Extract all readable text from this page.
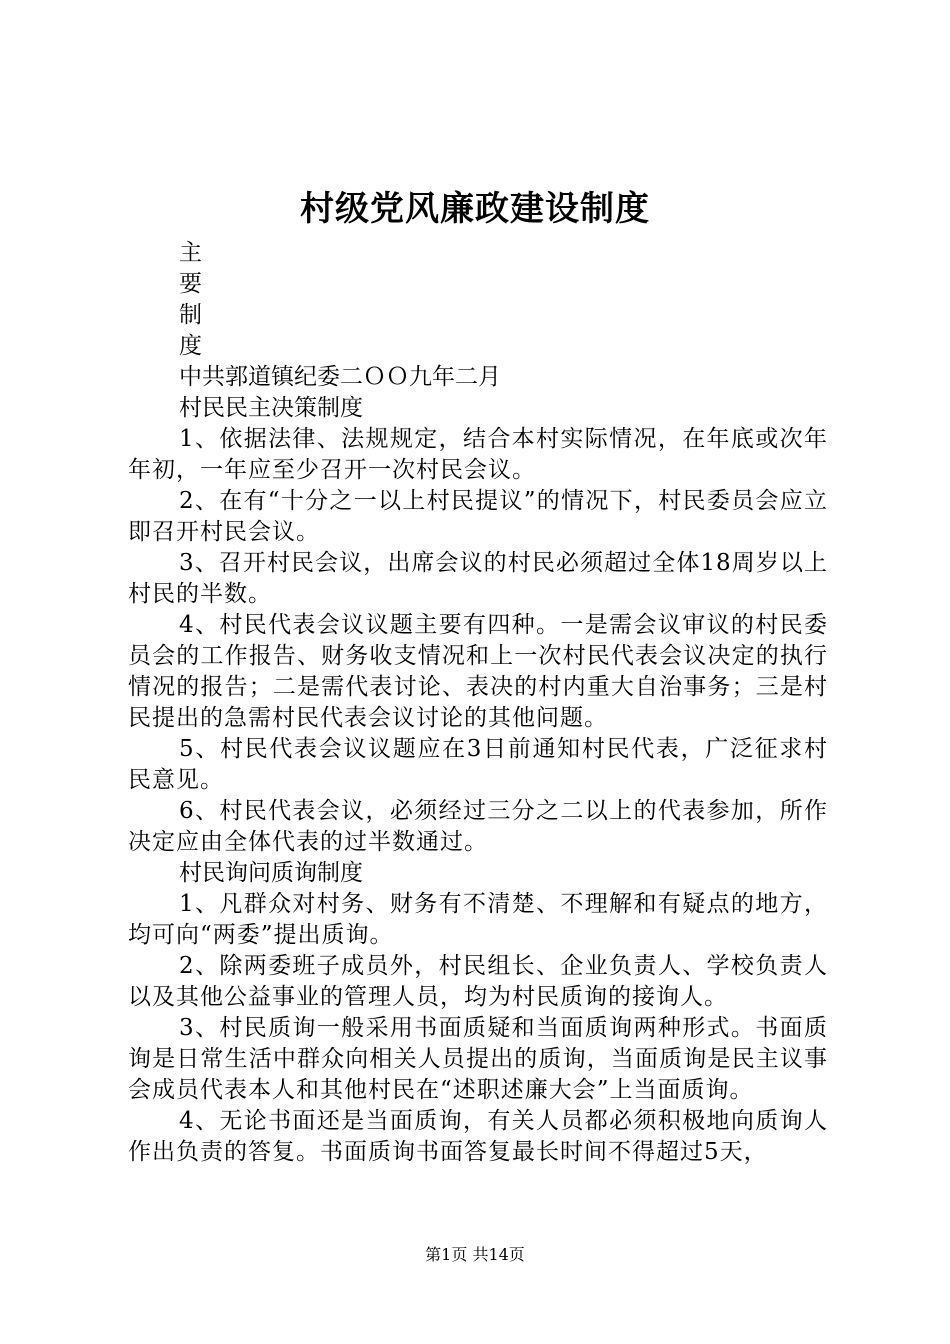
村级党风廉政建设制度
主
要
制
度
中共郭道镇纪委二ＯＯ九年二月
村民民主决策制度
1、依据法律、法规规定，结合本村实际情况，在年底或次年年初，一年应至少召开一次村民会议。
2、在有“十分之一以上村民提议”的情况下，村民委员会应立即召开村民会议。
3、召开村民会议，出席会议的村民必须超过全体18周岁以上村民的半数。
4、村民代表会议议题主要有四种。一是需会议审议的村民委员会的工作报告、财务收支情况和上一次村民代表会议决定的执行情况的报告；二是需代表讨论、表决的村内重大自治事务；三是村民提出的急需村民代表会议讨论的其他问题。
5、村民代表会议议题应在3日前通知村民代表，广泛征求村民意见。
6、村民代表会议，必须经过三分之二以上的代表参加，所作决定应由全体代表的过半数通过。
村民询问质询制度
1、凡群众对村务、财务有不清楚、不理解和有疑点的地方，均可向“两委”提出质询。
2、除两委班子成员外，村民组长、企业负责人、学校负责人以及其他公益事业的管理人员，均为村民质询的接询人。
3、村民质询一般采用书面质疑和当面质询两种形式。书面质询是日常生活中群众向相关人员提出的质询，当面质询是民主议事会成员代表本人和其他村民在“述职述廉大会”上当面质询。
4、无论书面还是当面质询，有关人员都必须积极地向质询人作出负责的答复。书面质询书面答复最长时间不得超过5天，
第1页 共14页
